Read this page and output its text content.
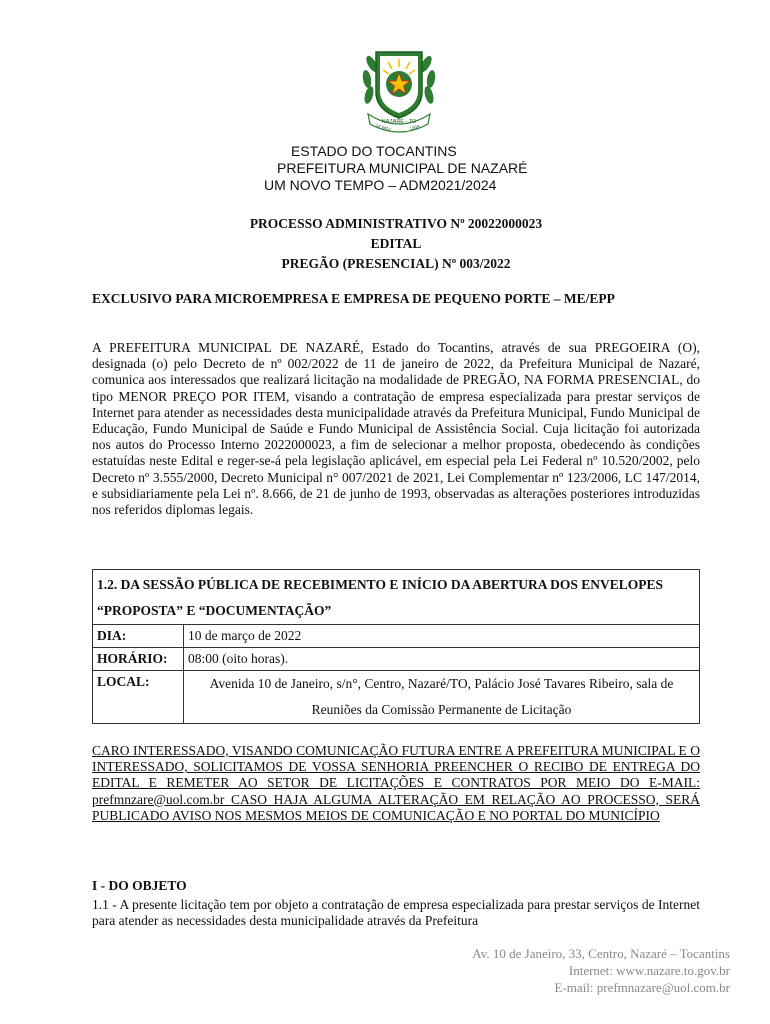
NAZARÉ - TO
14 NOV	1958
ESTADO DO TOCANTINS
PREFEITURA MUNICIPAL DE NAZARÉ
UM NOVO TEMPO – ADM2021/2024
PROCESSO ADMINISTRATIVO Nº 20022000023
EDITAL
PREGÃO (PRESENCIAL) Nº 003/2022
EXCLUSIVO PARA MICROEMPRESA E EMPRESA DE PEQUENO PORTE – ME/EPP
A PREFEITURA MUNICIPAL DE NAZARÉ, Estado do Tocantins, através de sua PREGOEIRA (O), designada (o) pelo Decreto de nº 002/2022 de 11 de janeiro de 2022, da Prefeitura Municipal de Nazaré, comunica aos interessados que realizará licitação na modalidade de PREGÃO, NA FORMA PRESENCIAL, do tipo MENOR PREÇO POR ITEM, visando a contratação de empresa especializada para prestar serviços de Internet para atender as necessidades desta municipalidade através da Prefeitura Municipal, Fundo Municipal de Educação, Fundo Municipal de Saúde e Fundo Municipal de Assistência Social. Cuja licitação foi autorizada nos autos do Processo Interno 2022000023, a fim de selecionar a melhor proposta, obedecendo às condições estatuídas neste Edital e reger-se-á pela legislação aplicável, em especial pela Lei Federal nº 10.520/2002, pelo Decreto nº 3.555/2000, Decreto Municipal n° 007/2021 de 2021, Lei Complementar nº 123/2006, LC 147/2014, e subsidiariamente pela Lei nº. 8.666, de 21 de junho de 1993, observadas as alterações posteriores introduzidas nos referidos diplomas legais.
1.2. DA SESSÃO PÚBLICA DE RECEBIMENTO E INÍCIO DA ABERTURA DOS ENVELOPES “PROPOSTA” E “DOCUMENTAÇÃO”	
DIA:	10 de março de 2022
HORÁRIO:	08:00 (oito horas).
LOCAL:	Avenida 10 de Janeiro, s/n°, Centro, Nazaré/TO, Palácio José Tavares Ribeiro, sala de Reuniões da Comissão Permanente de Licitação
CARO INTERESSADO, VISANDO COMUNICAÇÃO FUTURA ENTRE A PREFEITURA MUNICIPAL E O INTERESSADO, SOLICITAMOS DE VOSSA SENHORIA PREENCHER O RECIBO DE ENTREGA DO EDITAL E REMETER AO SETOR DE LICITAÇÕES E CONTRATOS POR MEIO DO E-MAIL: prefmnzare@uol.com.br CASO HAJA ALGUMA ALTERAÇÃO EM RELAÇÃO AO PROCESSO, SERÁ PUBLICADO AVISO NOS MESMOS MEIOS DE COMUNICAÇÃO E NO PORTAL DO MUNICÍPIO
I - DO OBJETO
1.1 - A presente licitação tem por objeto a contratação de empresa especializada para prestar serviços de Internet para atender as necessidades desta municipalidade através da Prefeitura
Av. 10 de Janeiro, 33, Centro, Nazaré – Tocantins
Internet: www.nazare.to.gov.br
E-mail: prefmnazare@uol.com.br
